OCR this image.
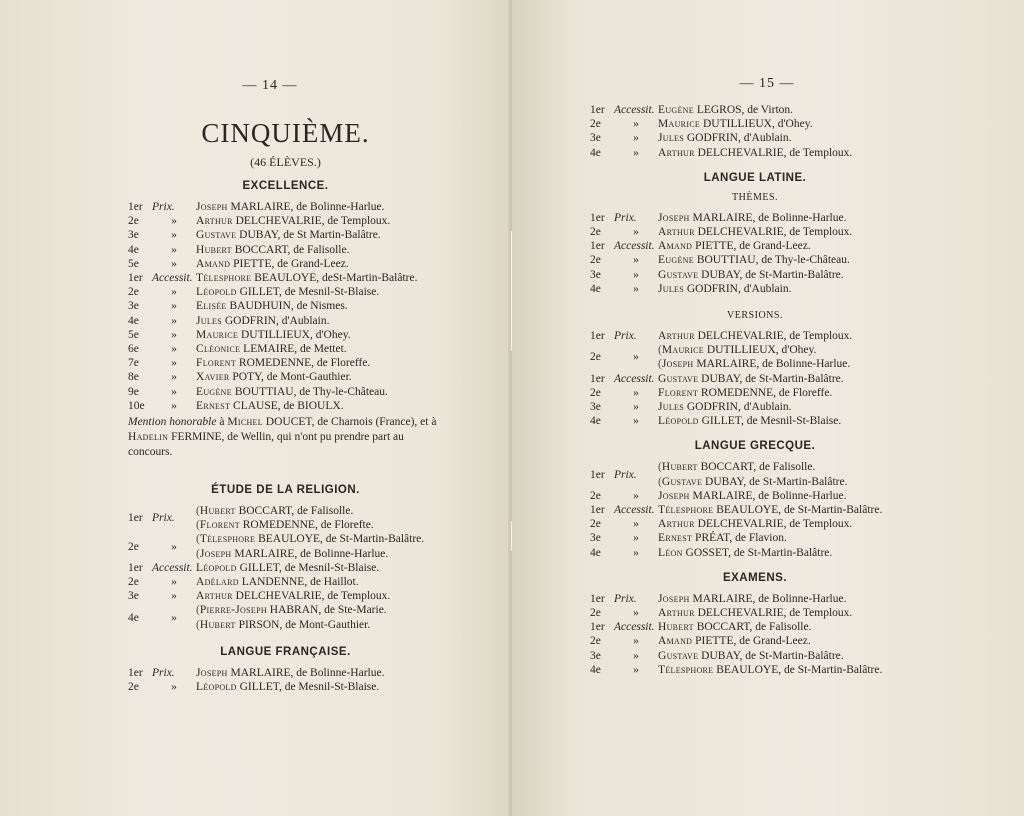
— 14 —
CINQUIÈME.
(46 ÉLÈVES.)
EXCELLENCE.
1er Prix. Joseph MARLAIRE, de Bolinne-Harlue.
2e	»	Arthur DELCHEVALRIE, de Temploux.
3e	»	Gustave DUBAY, de St Martin-Balâtre.
4e	»	Hubert BOCCART, de Falisolle.
5e	»	Amand PIETTE, de Grand-Leez.
1er Accessit. Télesphore BEAULOYE, deSt-Martin-Balâtre.
2e	»	Léopold GILLET, de Mesnil-St-Blaise.
3e	»	Elisée BAUDHUIN, de Nismes.
4e	»	Jules GODFRIN, d'Aublain.
5e	»	Maurice DUTILLIEUX, d'Ohey.
6e	»	Cléonice LEMAIRE, de Mettet.
7e	»	Florent ROMEDENNE, de Floreffe.
8e	»	Xavier POTY, de Mont-Gauthier.
9e	»	Eugène BOUTTIAU, de Thy-le-Château.
10e	»	Ernest CLAUSE, de BIOULX.
Mention honorable à Michel DOUCET, de Charnois (France), et à Hadelin FERMINE, de Wellin, qui n'ont pu prendre part au concours.
ÉTUDE DE LA RELIGION.
1er Prix.
( Hubert BOCCART, de Falisolle.
( Florent ROMEDENNE, de Florefte.
2e	»
( Télesphore BEAULOYE, de St-Martin-Balâtre.
( Joseph MARLAIRE, de Bolinne-Harlue.
1er Accessit. Léopold GILLET, de Mesnil-St-Blaise.
2e	»	Adélard LANDENNE, de Haillot.
3e	»	Arthur DELCHEVALRIE, de Temploux.
4e	»
( Pierre-Joseph HABRAN, de Ste-Marie.
( Hubert PIRSON, de Mont-Gauthier.
LANGUE FRANÇAISE.
1er Prix. Joseph MARLAIRE, de Bolinne-Harlue.
2e	»	Léopold GILLET, de Mesnil-St-Blaise.
— 15 —
1er Accessit. Eugène LEGROS, de Virton.
2e	»	Maurice DUTILLIEUX, d'Ohey.
3e	»	Jules GODFRIN, d'Aublain.
4e	»	Arthur DELCHEVALRIE, de Temploux.
LANGUE LATINE.
THÈMES.
1er Prix. Joseph MARLAIRE, de Bolinne-Harlue.
2e	»	Arthur DELCHEVALRIE, de Temploux.
1er Accessit. Amand PIETTE, de Grand-Leez.
2e	»	Eugène BOUTTIAU, de Thy-le-Château.
3e	»	Gustave DUBAY, de St-Martin-Balâtre.
4e	»	Jules GODFRIN, d'Aublain.
VERSIONS.
1er Prix. Arthur DELCHEVALRIE, de Temploux.
2e	»
( Maurice DUTILLIEUX, d'Ohey.
( Joseph MARLAIRE, de Bolinne-Harlue.
1er Accessit. Gustave DUBAY, de St-Martin-Balâtre.
2e	»	Florent ROMEDENNE, de Floreffe.
3e	»	Jules GODFRIN, d'Aublain.
4e	»	Léopold GILLET, de Mesnil-St-Blaise.
LANGUE GRECQUE.
1er Prix.
( Hubert BOCCART, de Falisolle.
( Gustave DUBAY, de St-Martin-Balâtre.
2e	»	Joseph MARLAIRE, de Bolinne-Harlue.
1er Accessit. Télesphore BEAULOYE, de St-Martin-Balâtre.
2e	»	Arthur DELCHEVALRIE, de Temploux.
3e	»	Ernest PRÉAT, de Flavion.
4e	»	Léon GOSSET, de St-Martin-Balâtre.
EXAMENS.
1er Prix. Joseph MARLAIRE, de Bolinne-Harlue.
2e	»	Arthur DELCHEVALRIE, de Temploux.
1er Accessit. Hubert BOCCART, de Falisolle.
2e	»	Amand PIETTE, de Grand-Leez.
3e	»	Gustave DUBAY, de St-Martin-Balâtre.
4e	»	Télesphore BEAULOYE, de St-Martin-Balâtre.
